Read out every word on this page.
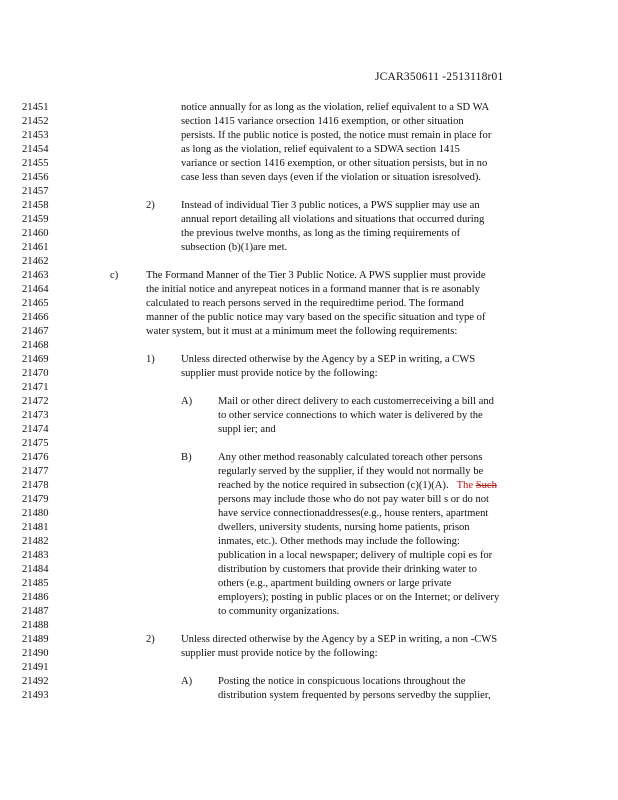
JCAR350611 -2513118r01
21451	notice annually for as long as the violation, relief equivalent to a SD WA
21452	section 1415 variance orsection 1416 exemption, or other situation
21453	persists. If the public notice is posted, the notice must remain in place for
21454	as long as the violation, relief equivalent to a SDWA section 1415
21455	variance or section 1416 exemption, or other situation persists, but in no
21456	case less than seven days (even if the violation or situation isresolved).
21457
21458	2) Instead of individual Tier 3 public notices, a PWS supplier may use an
21459	annual report detailing all violations and situations that occurred during
21460	the previous twelve months, as long as the timing requirements of
21461	subsection (b)(1)are met.
21462
21463	c)	The Formand Manner of the Tier 3 Public Notice. A PWS supplier must provide
21464	the initial notice and anyrepeat notices in a formand manner that is re asonably
21465	calculated to reach persons served in the requiredtime period. The formand
21466	manner of the public notice may vary based on the specific situation and type of
21467	water system, but it must at a minimum meet the following requirements:
21468
21469	1) Unless directed otherwise by the Agency by a SEP in writing, a CWS
21470	supplier must provide notice by the following:
21471
21472	A) Mail or other direct delivery to each customerreceiving a bill and
21473	to other service connections to which water is delivered by the
21474	suppl ier; and
21475
21476	B) Any other method reasonably calculated toreach other persons
21477	regularly served by the supplier, if they would not normally be
21478	reached by the notice required in subsection (c)(1)(A). The Such
21479	persons may include those who do not pay water bill s or do not
21480	have service connectionaddresses(e.g., house renters, apartment
21481	dwellers, university students, nursing home patients, prison
21482	inmates, etc.). Other methods may include the following:
21483	publication in a local newspaper; delivery of multiple copi es for
21484	distribution by customers that provide their drinking water to
21485	others (e.g., apartment building owners or large private
21486	employers); posting in public places or on the Internet; or delivery
21487	to community organizations.
21488
21489	2) Unless directed otherwise by the Agency by a SEP in writing, a non -CWS
21490	supplier must provide notice by the following:
21491
21492	A) Posting the notice in conspicuous locations throughout the
21493	distribution system frequented by persons servedby the supplier,
